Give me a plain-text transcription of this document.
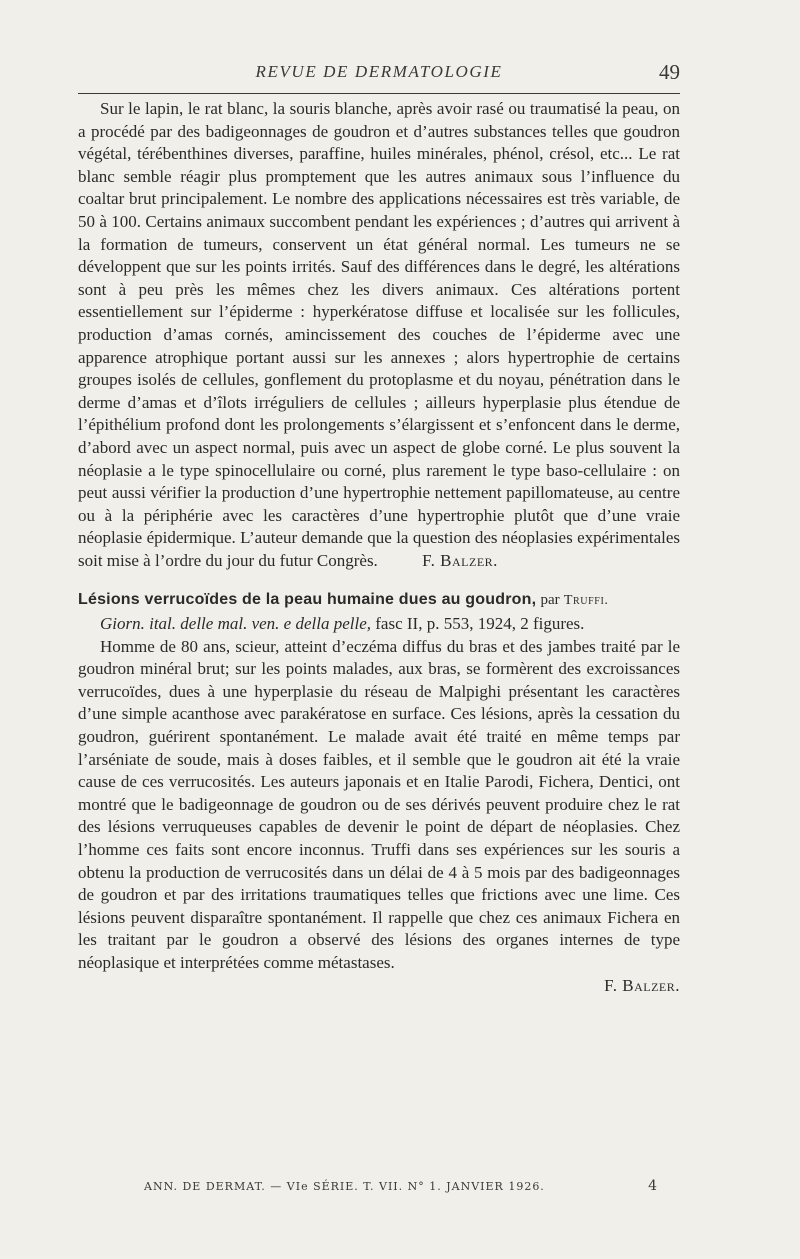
REVUE DE DERMATOLOGIE	49

Sur le lapin, le rat blanc, la souris blanche, après avoir rasé ou traumatisé la peau, on a procédé par des badigeonnages de goudron et d’autres substances telles que goudron végétal, térébenthines diverses, paraffine, huiles minérales, phénol, crésol, etc... Le rat blanc semble réagir plus promptement que les autres animaux sous l’influence du coaltar brut principalement. Le nombre des applications nécessaires est très variable, de 50 à 100. Certains animaux succombent pendant les expériences ; d’autres qui arrivent à la formation de tumeurs, conservent un état général normal. Les tumeurs ne se développent que sur les points irrités. Sauf des différences dans le degré, les altérations sont à peu près les mêmes chez les divers animaux. Ces altérations portent essentiellement sur l’épiderme : hyperkératose diffuse et localisée sur les follicules, production d’amas cornés, amincissement des couches de l’épiderme avec une apparence atrophique portant aussi sur les annexes ; alors hypertrophie de certains groupes isolés de cellules, gonflement du protoplasme et du noyau, pénétration dans le derme d’amas et d’îlots irréguliers de cellules ; ailleurs hyperplasie plus étendue de l’épithélium profond dont les prolongements s’élargissent et s’enfoncent dans le derme, d’abord avec un aspect normal, puis avec un aspect de globe corné. Le plus souvent la néoplasie a le type spinocellulaire ou corné, plus rarement le type baso-cellulaire : on peut aussi vérifier la production d’une hypertrophie nettement papillomateuse, au centre ou à la périphérie avec les caractères d’une hypertrophie plutôt que d’une vraie néoplasie épidermique. L’auteur demande que la question des néoplasies expérimentales soit mise à l’ordre du jour du futur Congrès.	F. Balzer.

Lésions verrucoïdes de la peau humaine dues au goudron, par Truffi.

Giorn. ital. delle mal. ven. e della pelle, fasc II, p. 553, 1924, 2 figures.

Homme de 80 ans, scieur, atteint d’eczéma diffus du bras et des jambes traité par le goudron minéral brut; sur les points malades, aux bras, se formèrent des excroissances verrucoïdes, dues à une hyperplasie du réseau de Malpighi présentant les caractères d’une simple acanthose avec parakératose en surface. Ces lésions, après la cessation du goudron, guérirent spontanément. Le malade avait été traité en même temps par l’arséniate de soude, mais à doses faibles, et il semble que le goudron ait été la vraie cause de ces verrucosités. Les auteurs japonais et en Italie Parodi, Fichera, Dentici, ont montré que le badigeonnage de goudron ou de ses dérivés peuvent produire chez le rat des lésions verruqueuses capables de devenir le point de départ de néoplasies. Chez l’homme ces faits sont encore inconnus. Truffi dans ses expériences sur les souris a obtenu la production de verrucosités dans un délai de 4 à 5 mois par des badigeonnages de goudron et par des irritations traumatiques telles que frictions avec une lime. Ces lésions peuvent disparaître spontanément. Il rappelle que chez ces animaux Fichera en les traitant par le goudron a observé des lésions des organes internes de type néoplasique et interprétées comme métastases.
F. Balzer.

ANN. DE DERMAT. — VIe SÉRIE. T. VII. N° 1. JANVIER 1926.	4
